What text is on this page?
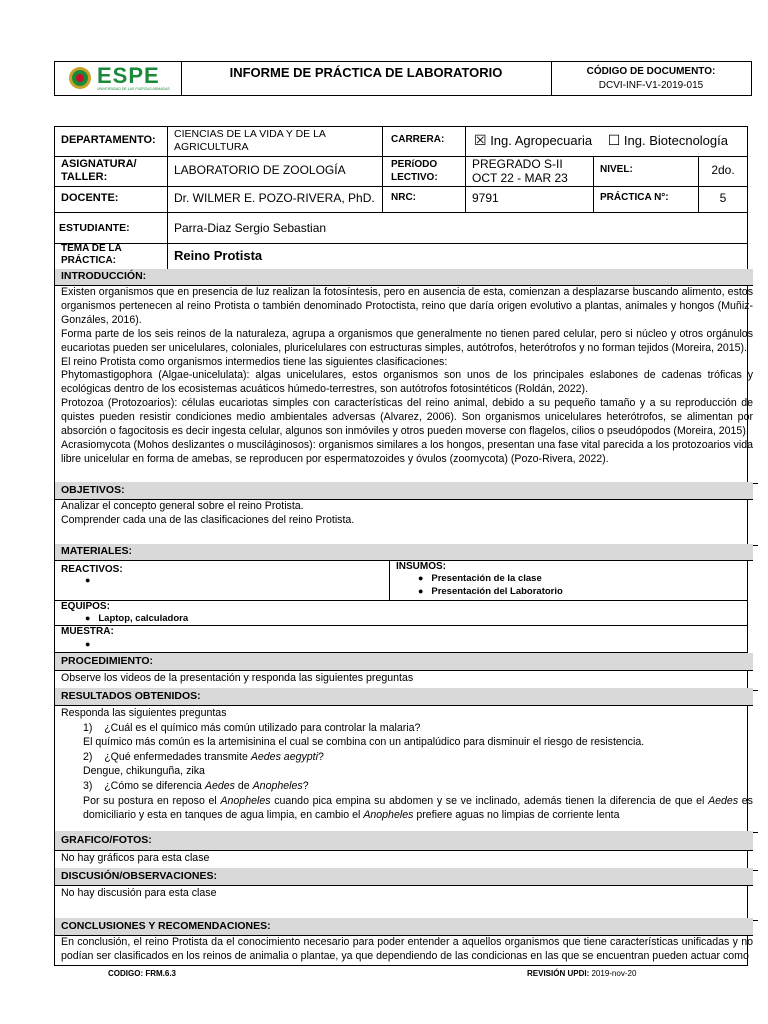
ESPE
UNIVERSIDAD DE LAS FUERZAS ARMADAS
INFORME DE PRÁCTICA DE LABORATORIO	CÓDIGO DE DOCUMENTO:
DCVI-INF-V1-2019-015
DEPARTAMENTO:	CIENCIAS DE LA VIDA Y DE LA AGRICULTURA
CARRERA:	☒ Ing. Agropecuaria ☐ Ing. Biotecnología
ASIGNATURA/ TALLER:	LABORATORIO DE ZOOLOGÍA	PERíODO LECTIVO:
PREGRADO S-II
OCT 22 - MAR 23
NIVEL:	2do.
DOCENTE:	Dr. WILMER E. POZO-RIVERA, PhD.	NRC:	9791	PRÁCTICA N°:	5
ESTUDIANTE:	Parra-Diaz Sergio Sebastian
TEMA DE LA PRÁCTICA:	Reino Protista
INTRODUCCIÓN:

Existen organismos que en presencia de luz realizan la fotosíntesis, pero en ausencia de esta, comienzan a desplazarse buscando alimento, estos organismos pertenecen al reino Protista o también denominado Protoctista, reino que daría origen evolutivo a plantas, animales y hongos (Muñiz-Gonzáles, 2016).

Forma parte de los seis reinos de la naturaleza, agrupa a organismos que generalmente no tienen pared celular, pero si núcleo y otros orgánulos eucariotas pueden ser unicelulares, coloniales, pluricelulares con estructuras simples, autótrofos, heterótrofos y no forman tejidos (Moreira, 2015).

El reino Protista como organismos intermedios tiene las siguientes clasificaciones:

Phytomastigophora (Algae-unicelulata): algas unicelulares, estos organismos son unos de los principales eslabones de cadenas tróficas y ecológicas dentro de los ecosistemas acuáticos húmedo-terrestres, son autótrofos fotosintéticos (Roldán, 2022).

Protozoa (Protozoarios): células eucariotas simples con características del reino animal, debido a su pequeño tamaño y a su reproducción de quistes pueden resistir condiciones medio ambientales adversas (Alvarez, 2006). Son organismos unicelulares heterótrofos, se alimentan por absorción o fagocitosis es decir ingesta celular, algunos son inmóviles y otros pueden moverse con flagelos, cilios o pseudópodos (Moreira, 2015).

Acrasiomycota (Mohos deslizantes o musciláginosos): organismos similares a los hongos, presentan una fase vital parecida a los protozoarios vida libre unicelular en forma de amebas, se reproducen por espermatozoides y óvulos (zoomycota) (Pozo-Rivera, 2022).

OBJETIVOS:

Analizar el concepto general sobre el reino Protista.

Comprender cada una de las clasificaciones del reino Protista.

MATERIALES:
REACTIVOS:
●
INSUMOS:
● Presentación de la clase
● Presentación del Laboratorio
EQUIPOS:
● Laptop, calculadora
MUESTRA:
●
PROCEDIMIENTO:
Observe los videos de la presentación y responda las siguientes preguntas
RESULTADOS OBTENIDOS:

Responda las siguientes preguntas

1) ¿Cuál es el químico más común utilizado para controlar la malaria?

El químico más común es la artemisinina el cual se combina con un antipalúdico para disminuir el riesgo de resistencia.

2) ¿Qué enfermedades transmite Aedes aegypti?

Dengue, chikunguña, zika

3) ¿Cómo se diferencia Aedes de Anopheles?

Por su postura en reposo el Anopheles cuando pica empina su abdomen y se ve inclinado, además tienen la diferencia de que el Aedes es domiciliario y esta en tanques de agua limpia, en cambio el Anopheles prefiere aguas no limpias de corriente lenta

GRAFICO/FOTOS:
No hay gráficos para esta clase
DISCUSIÓN/OBSERVACIONES:
No hay discusión para esta clase
CONCLUSIONES Y RECOMENDACIONES:
En conclusión, el reino Protista da el conocimiento necesario para poder entender a aquellos organismos que tiene características unificadas y no podían ser clasificados en los reinos de animalia o plantae, ya que dependiendo de las condicionas en las que se encuentran pueden actuar como
CODIGO: FRM.6.3	REVISIÓN UPDI: 2019-nov-20
